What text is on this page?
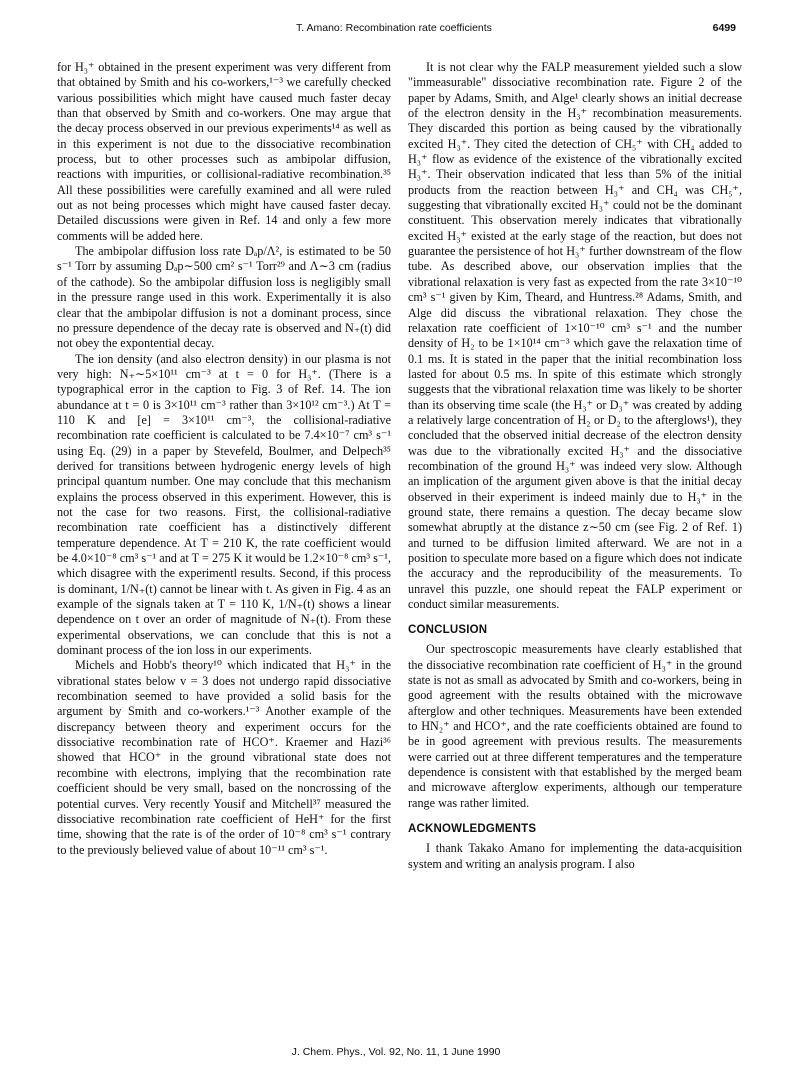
T. Amano: Recombination rate coefficients	6499

for H₃⁺ obtained in the present experiment was very different from that obtained by Smith and his co-workers,¹⁻³ we carefully checked various possibilities which might have caused much faster decay than that observed by Smith and co-workers. One may argue that the decay process observed in our previous experiments¹⁴ as well as in this experiment is not due to the dissociative recombination process, but to other processes such as ambipolar diffusion, reactions with impurities, or collisional-radiative recombination.³⁵ All these possibilities were carefully examined and all were ruled out as not being processes which might have caused faster decay. Detailed discussions were given in Ref. 14 and only a few more comments will be added here.

The ambipolar diffusion loss rate Dₐp/Λ², is estimated to be 50 s⁻¹ Torr by assuming Dₐp∼500 cm² s⁻¹ Torr²⁹ and Λ∼3 cm (radius of the cathode). So the ambipolar diffusion loss is negligibly small in the pressure range used in this work. Experimentally it is also clear that the ambipolar diffusion is not a dominant process, since no pressure dependence of the decay rate is observed and N₊(t) did not obey the expontential decay.

The ion density (and also electron density) in our plasma is not very high: N₊∼5×10¹¹ cm⁻³ at t = 0 for H₃⁺. (There is a typographical error in the caption to Fig. 3 of Ref. 14. The ion abundance at t = 0 is 3×10¹¹ cm⁻³ rather than 3×10¹² cm⁻³.) At T = 110 K and [e] = 3×10¹¹ cm⁻³, the collisional-radiative recombination rate coefficient is calculated to be 7.4×10⁻⁷ cm³ s⁻¹ using Eq. (29) in a paper by Stevefeld, Boulmer, and Delpech³⁵ derived for transitions between hydrogenic energy levels of high principal quantum number. One may conclude that this mechanism explains the process observed in this experiment. However, this is not the case for two reasons. First, the collisional-radiative recombination rate coefficient has a distinctively different temperature dependence. At T = 210 K, the rate coefficient would be 4.0×10⁻⁸ cm³ s⁻¹ and at T = 275 K it would be 1.2×10⁻⁸ cm³ s⁻¹, which disagree with the experimentl results. Second, if this process is dominant, 1/N₊(t) cannot be linear with t. As given in Fig. 4 as an example of the signals taken at T = 110 K, 1/N₊(t) shows a linear dependence on t over an order of magnitude of N₊(t). From these experimental observations, we can conclude that this is not a dominant process of the ion loss in our experiments.

Michels and Hobb's theory¹⁰ which indicated that H₃⁺ in the vibrational states below v = 3 does not undergo rapid dissociative recombination seemed to have provided a solid basis for the argument by Smith and co-workers.¹⁻³ Another example of the discrepancy between theory and experiment occurs for the dissociative recombination rate of HCO⁺. Kraemer and Hazi³⁶ showed that HCO⁺ in the ground vibrational state does not recombine with electrons, implying that the recombination rate coefficient should be very small, based on the noncrossing of the potential curves. Very recently Yousif and Mitchell³⁷ measured the dissociative recombination rate coefficient of HeH⁺ for the first time, showing that the rate is of the order of 10⁻⁸ cm³ s⁻¹ contrary to the previously believed value of about 10⁻¹¹ cm³ s⁻¹.

It is not clear why the FALP measurement yielded such a slow "immeasurable" dissociative recombination rate. Figure 2 of the paper by Adams, Smith, and Alge¹ clearly shows an initial decrease of the electron density in the H₃⁺ recombination measurements. They discarded this portion as being caused by the vibrationally excited H₃⁺. They cited the detection of CH₅⁺ with CH₄ added to H₃⁺ flow as evidence of the existence of the vibrationally excited H₃⁺. Their observation indicated that less than 5% of the initial products from the reaction between H₃⁺ and CH₄ was CH₅⁺, suggesting that vibrationally excited H₃⁺ could not be the dominant constituent. This observation merely indicates that vibrationally excited H₃⁺ existed at the early stage of the reaction, but does not guarantee the persistence of hot H₃⁺ further downstream of the flow tube. As described above, our observation implies that the vibrational relaxation is very fast as expected from the rate 3×10⁻¹⁰ cm³ s⁻¹ given by Kim, Theard, and Huntress.²⁸ Adams, Smith, and Alge did discuss the vibrational relaxation. They chose the relaxation rate coefficient of 1×10⁻¹⁰ cm³ s⁻¹ and the number density of H₂ to be 1×10¹⁴ cm⁻³ which gave the relaxation time of 0.1 ms. It is stated in the paper that the initial recombination loss lasted for about 0.5 ms. In spite of this estimate which strongly suggests that the vibrational relaxation time was likely to be shorter than its observing time scale (the H₃⁺ or D₃⁺ was created by adding a relatively large concentration of H₂ or D₂ to the afterglows¹), they concluded that the observed initial decrease of the electron density was due to the vibrationally excited H₃⁺ and the dissociative recombination of the ground H₃⁺ was indeed very slow. Although an implication of the argument given above is that the initial decay observed in their experiment is indeed mainly due to H₃⁺ in the ground state, there remains a question. The decay became slow somewhat abruptly at the distance z∼50 cm (see Fig. 2 of Ref. 1) and turned to be diffusion limited afterward. We are not in a position to speculate more based on a figure which does not indicate the accuracy and the reproducibility of the measurements. To unravel this puzzle, one should repeat the FALP experiment or conduct similar measurements.

CONCLUSION

Our spectroscopic measurements have clearly established that the dissociative recombination rate coefficient of H₃⁺ in the ground state is not as small as advocated by Smith and co-workers, being in good agreement with the results obtained with the microwave afterglow and other techniques. Measurements have been extended to HN₂⁺ and HCO⁺, and the rate coefficients obtained are found to be in good agreement with previous results. The measurements were carried out at three different temperatures and the temperature dependence is consistent with that established by the merged beam and microwave afterglow experiments, although our temperature range was rather limited.

ACKNOWLEDGMENTS

I thank Takako Amano for implementing the data-acquisition system and writing an analysis program. I also

J. Chem. Phys., Vol. 92, No. 11, 1 June 1990
